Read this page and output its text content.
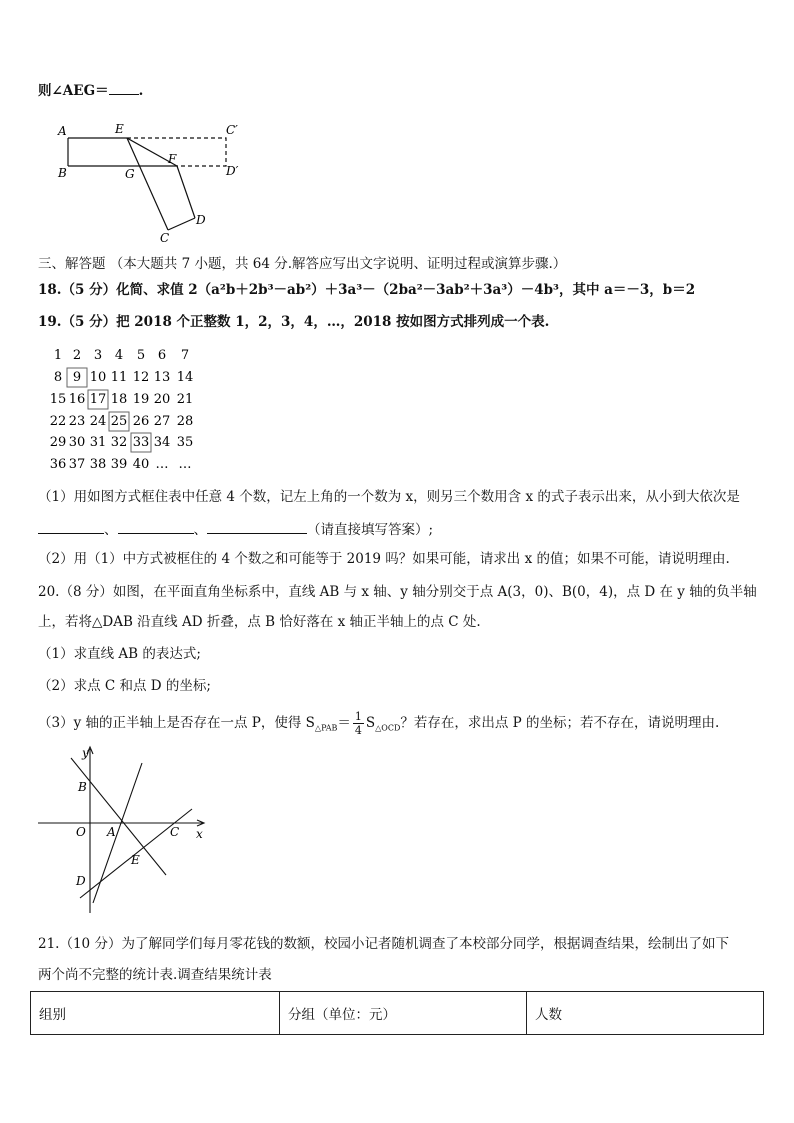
则∠AEG＝ .
A	E	C′
B	G
F
D′
D
C
三、解答题 （本大题共 7 小题，共 64 分.解答应写出文字说明、证明过程或演算步骤.）
18.（5 分）化简、求值 2（a²b＋2b³－ab²）＋3a³－（2ba²－3ab²＋3a³）－4b³，其中 a＝－3，b＝2
19.（5 分）把 2018 个正整数 1，2，3，4，…，2018 按如图方式排列成一个表.
1 2 3 4 5 6 7
8 9 10 11 12 13 14
15 16 17 18 19 20 21
22 23 24 25 26 27 28
29 30 31 32 33 34 35
36 37 38 39 40 … …
（1）用如图方式框住表中任意 4 个数，记左上角的一个数为 x，则另三个数用含 x 的式子表示出来，从小到大依次是
、	、	（请直接填写答案）;
（2）用（1）中方式被框住的 4 个数之和可能等于 2019 吗？如果可能，请求出 x 的值；如果不可能，请说明理由.
20.（8 分）如图，在平面直角坐标系中，直线 AB 与 x 轴、y 轴分别交于点 A(3，0)、B(0，4)，点 D 在 y 轴的负半轴
上，若将△DAB 沿直线 AD 折叠，点 B 恰好落在 x 轴正半轴上的点 C 处.
（1）求直线 AB 的表达式;
（2）求点 C 和点 D 的坐标;
（3）y 轴的正半轴上是否存在一点 P，使得 $S_{\triangle PAB}= \frac{1}{4} S_{\triangle OCD}$？若存在，求出点 P 的坐标；若不存在，请说明理由.
y
x
B
O A	C
E
D
21.（10 分）为了解同学们每月零花钱的数额，校园小记者随机调查了本校部分同学，根据调查结果，绘制出了如下
两个尚不完整的统计表.调查结果统计表
组别	分组（单位：元）	人数
